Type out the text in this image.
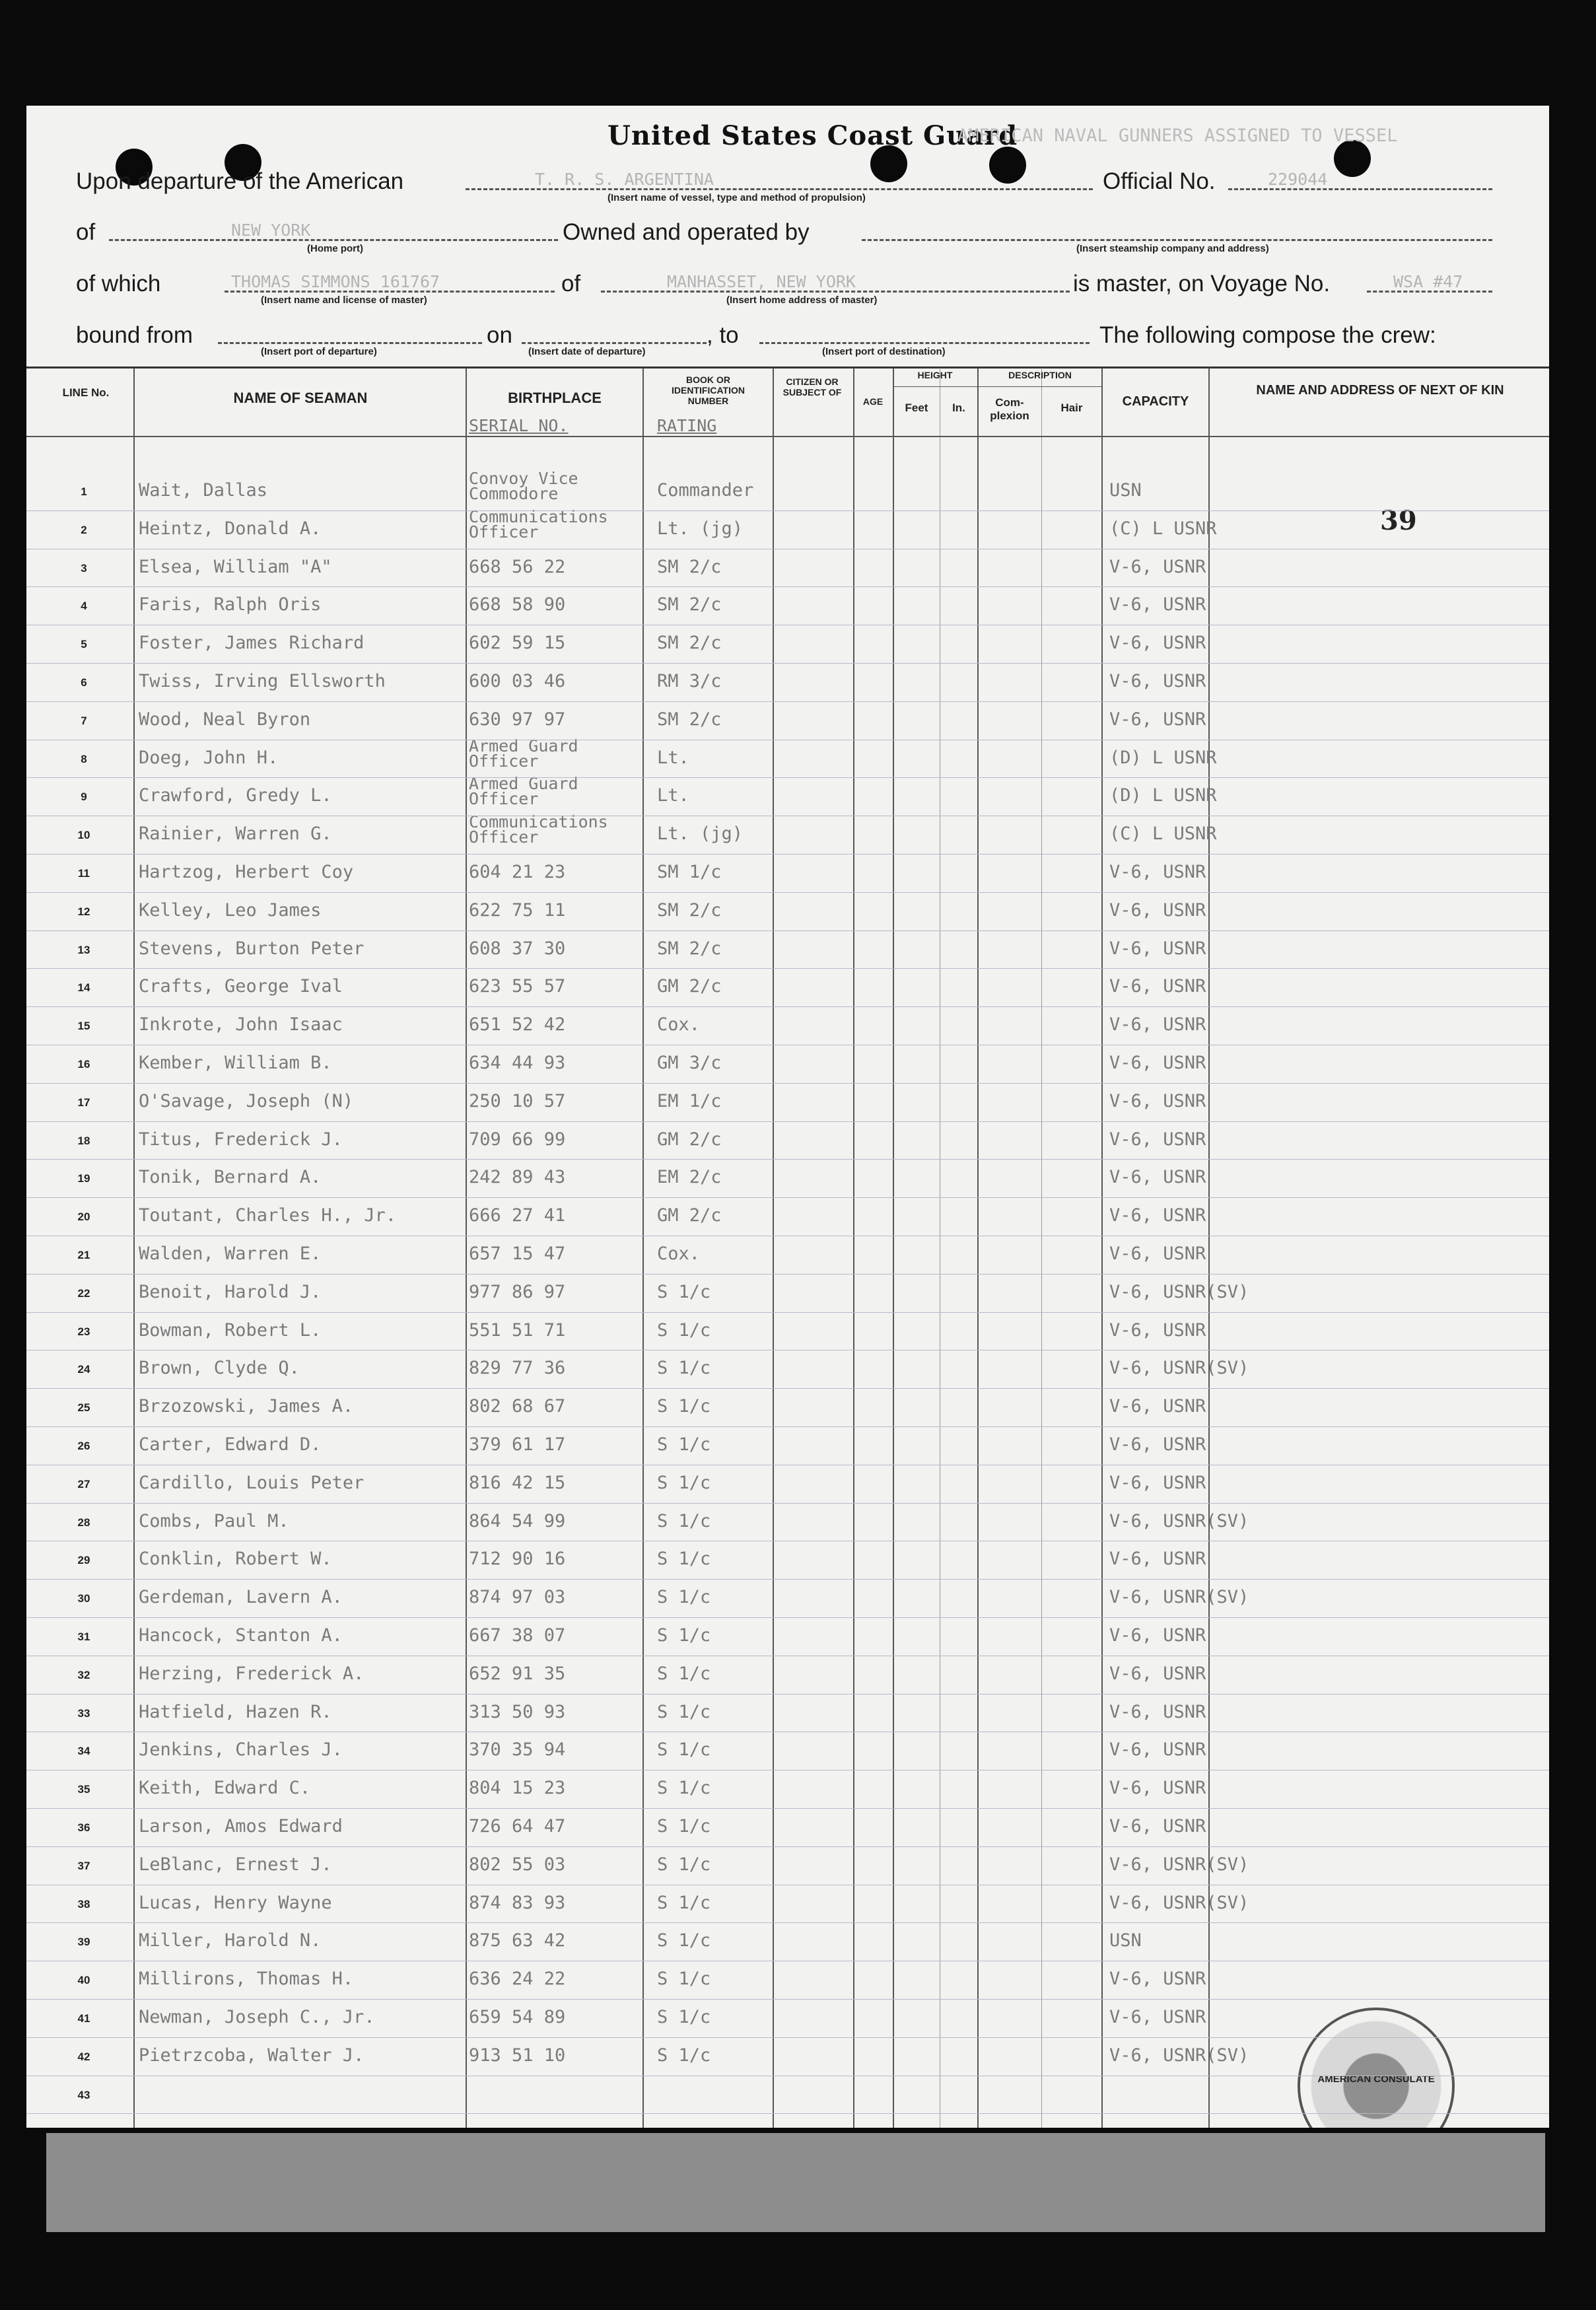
United States Coast Guard
AMERICAN NAVAL GUNNERS ASSIGNED TO VESSEL
Upon departure of the American	T. R. S. ARGENTINA
(Insert name of vessel, type and method of propulsion)
Official No.	229044
of	NEW YORK
(Home port)
Owned and operated by
(Insert steamship company and address)
of which	THOMAS SIMMONS 161767
(Insert name and license of master)
of	MANHASSET, NEW YORK
(Insert home address of master)
is master, on Voyage No.	WSA #47
bound from
(Insert port of departure)
on
(Insert date of departure)
, to
(Insert port of destination)
The following compose the crew:
39
LINE No.	NAME OF SEAMAN	BIRTHPLACE
SERIAL NO.
BOOK OR IDENTIFICATION NUMBER
RATING
CITIZEN OR SUBJECT OF
AGE
HEIGHT
Feet	In.
DESCRIPTION
Com- plexion
Hair	CAPACITY
NAME AND ADDRESS OF NEXT OF KIN
1	Wait, Dallas
Convoy Vice
Commodore	Commander	USN
2	Heintz, Donald A.
Communications
Officer	Lt. (jg)	(C) L USNR
3	Elsea, William "A"	668 56 22	SM 2/c	V-6, USNR
4	Faris, Ralph Oris	668 58 90	SM 2/c	V-6, USNR
5	Foster, James Richard	602 59 15	SM 2/c	V-6, USNR
6	Twiss, Irving Ellsworth	600 03 46	RM 3/c	V-6, USNR
7	Wood, Neal Byron	630 97 97	SM 2/c	V-6, USNR
8	Doeg, John H.
Armed Guard
Officer	Lt.	(D) L USNR
9	Crawford, Gredy L.
Armed Guard
Officer	Lt.	(D) L USNR
10	Rainier, Warren G.
Communications
Officer	Lt. (jg)	(C) L USNR
11	Hartzog, Herbert Coy	604 21 23	SM 1/c	V-6, USNR
12	Kelley, Leo James	622 75 11	SM 2/c	V-6, USNR
13	Stevens, Burton Peter	608 37 30	SM 2/c	V-6, USNR
14	Crafts, George Ival	623 55 57	GM 2/c	V-6, USNR
15	Inkrote, John Isaac	651 52 42	Cox.	V-6, USNR
16	Kember, William B.	634 44 93	GM 3/c	V-6, USNR
17	O'Savage, Joseph (N)	250 10 57	EM 1/c	V-6, USNR
18	Titus, Frederick J.	709 66 99	GM 2/c	V-6, USNR
19	Tonik, Bernard A.	242 89 43	EM 2/c	V-6, USNR
20	Toutant, Charles H., Jr.	666 27 41	GM 2/c	V-6, USNR
21	Walden, Warren E.	657 15 47	Cox.	V-6, USNR
22	Benoit, Harold J.	977 86 97	S 1/c	V-6, USNR(SV)
23	Bowman, Robert L.	551 51 71	S 1/c	V-6, USNR
24	Brown, Clyde Q.	829 77 36	S 1/c	V-6, USNR(SV)
25	Brzozowski, James A.	802 68 67	S 1/c	V-6, USNR
26	Carter, Edward D.	379 61 17	S 1/c	V-6, USNR
27	Cardillo, Louis Peter	816 42 15	S 1/c	V-6, USNR
28	Combs, Paul M.	864 54 99	S 1/c	V-6, USNR(SV)
29	Conklin, Robert W.	712 90 16	S 1/c	V-6, USNR
30	Gerdeman, Lavern A.	874 97 03	S 1/c	V-6, USNR(SV)
31	Hancock, Stanton A.	667 38 07	S 1/c	V-6, USNR
32	Herzing, Frederick A.	652 91 35	S 1/c	V-6, USNR
33	Hatfield, Hazen R.	313 50 93	S 1/c	V-6, USNR
34	Jenkins, Charles J.	370 35 94	S 1/c	V-6, USNR
35	Keith, Edward C.	804 15 23	S 1/c	V-6, USNR
36	Larson, Amos Edward	726 64 47	S 1/c	V-6, USNR
37	LeBlanc, Ernest J.	802 55 03	S 1/c	V-6, USNR(SV)
38	Lucas, Henry Wayne	874 83 93	S 1/c	V-6, USNR(SV)
39	Miller, Harold N.	875 63 42	S 1/c	USN
40	Millirons, Thomas H.	636 24 22	S 1/c	V-6, USNR
41	Newman, Joseph C., Jr.	659 54 89	S 1/c	V-6, USNR
42	Pietrzcoba, Walter J.	913 51 10	S 1/c	V-6, USNR(SV)
43
AMERICAN CONSULATE
